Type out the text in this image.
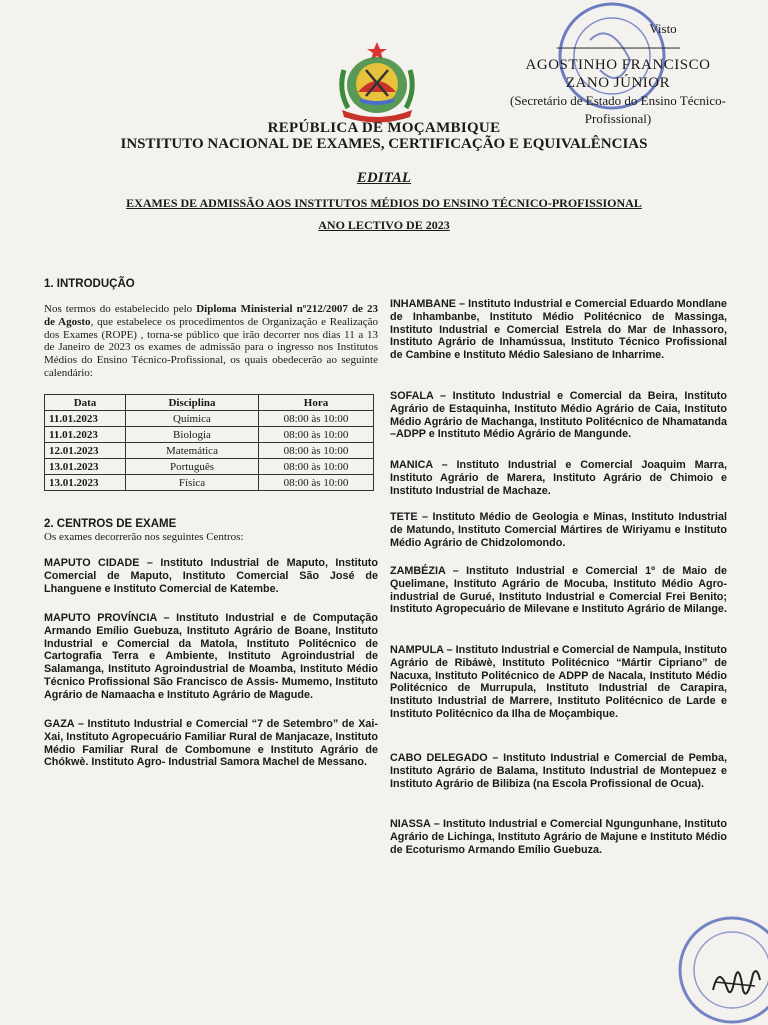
Visto
-------------------------------------
AGOSTINHO FRANCISCO ZANO JÚNIOR
(Secretário de Estado do Ensino Técnico-Profissional)
REPÚBLICA DE MOÇAMBIQUE
INSTITUTO NACIONAL DE EXAMES, CERTIFICAÇÃO E EQUIVALÊNCIAS
EDITAL
EXAMES DE ADMISSÃO AOS INSTITUTOS MÉDIOS DO ENSINO TÉCNICO-PROFISSIONAL
ANO LECTIVO DE 2023
1. INTRODUÇÃO

Nos termos do estabelecido pelo Diploma Ministerial nº212/2007 de 23 de Agosto, que estabelece os procedimentos de Organização e Realização dos Exames (ROPE) , torna-se público que irão decorrer nos dias 11 a 13 de Janeiro de 2023 os exames de admissão para o ingresso nos Institutos Médios do Ensino Técnico-Profissional, os quais obedecerão ao seguinte calendário:

Data	Disciplina	Hora
11.01.2023	Química	08:00 às 10:00
11.01.2023	Biologia	08:00 às 10:00
12.01.2023	Matemática	08:00 às 10:00
13.01.2023	Português	08:00 às 10:00
13.01.2023	Física	08:00 às 10:00
2. CENTROS DE EXAME

Os exames decorrerão nos seguintes Centros:

MAPUTO CIDADE – Instituto Industrial de Maputo, Instituto Comercial de Maputo, Instituto Comercial São José de Lhanguene e Instituto Comercial de Katembe.

MAPUTO PROVÍNCIA – Instituto Industrial e de Computação Armando Emílio Guebuza, Instituto Agrário de Boane, Instituto Industrial e Comercial da Matola, Instituto Politécnico de Cartografia Terra e Ambiente, Instituto Agroindustrial de Salamanga, Instituto Agroindustrial de Moamba, Instituto Médio Técnico Profissional São Francisco de Assis- Mumemo, Instituto Agrário de Namaacha e Instituto Agrário de Magude.

GAZA – Instituto Industrial e Comercial “7 de Setembro” de Xai-Xai, Instituto Agropecuário Familiar Rural de Manjacaze, Instituto Médio Familiar Rural de Combomune e Instituto Agrário de Chókwè. Instituto Agro- Industrial Samora Machel de Messano.

INHAMBANE – Instituto Industrial e Comercial Eduardo Mondlane de Inhambanbe, Instituto Médio Politécnico de Massinga, Instituto Industrial e Comercial Estrela do Mar de Inhassoro, Instituto Agrário de Inhamússua, Instituto Técnico Profissional de Cambine e Instituto Médio Salesiano de Inharrime.

SOFALA – Instituto Industrial e Comercial da Beira, Instituto Agrário de Estaquinha, Instituto Médio Agrário de Caia, Instituto Médio Agrário de Machanga, Instituto Politécnico de Nhamatanda –ADPP e Instituto Médio Agrário de Mangunde.

MANICA – Instituto Industrial e Comercial Joaquim Marra, Instituto Agrário de Marera, Instituto Agrário de Chimoio e Instituto Industrial de Machaze.

TETE – Instituto Médio de Geologia e Minas, Instituto Industrial de Matundo, Instituto Comercial Mártires de Wiriyamu e Instituto Médio Agrário de Chidzolomondo.

ZAMBÉZIA – Instituto Industrial e Comercial 1º de Maio de Quelimane, Instituto Agrário de Mocuba, Instituto Médio Agro-industrial de Gurué, Instituto Industrial e Comercial Frei Benito; Instituto Agropecuário de Milevane e Instituto Agrário de Milange.

NAMPULA – Instituto Industrial e Comercial de Nampula, Instituto Agrário de Ribáwè, Instituto Politécnico “Mártir Cipriano” de Nacuxa, Instituto Politécnico de ADPP de Nacala, Instituto Médio Politécnico de Murrupula, Instituto Industrial de Carapira, Instituto Industrial de Marrere, Instituto Politécnico de Larde e Instituto Politécnico da Ilha de Moçambique.

CABO DELEGADO – Instituto Industrial e Comercial de Pemba, Instituto Agrário de Balama, Instituto Industrial de Montepuez e Instituto Agrário de Bilibiza (na Escola Profissional de Ocua).

NIASSA – Instituto Industrial e Comercial Ngungunhane, Instituto Agrário de Lichinga, Instituto Agrário de Majune e Instituto Médio de Ecoturismo Armando Emílio Guebuza.
